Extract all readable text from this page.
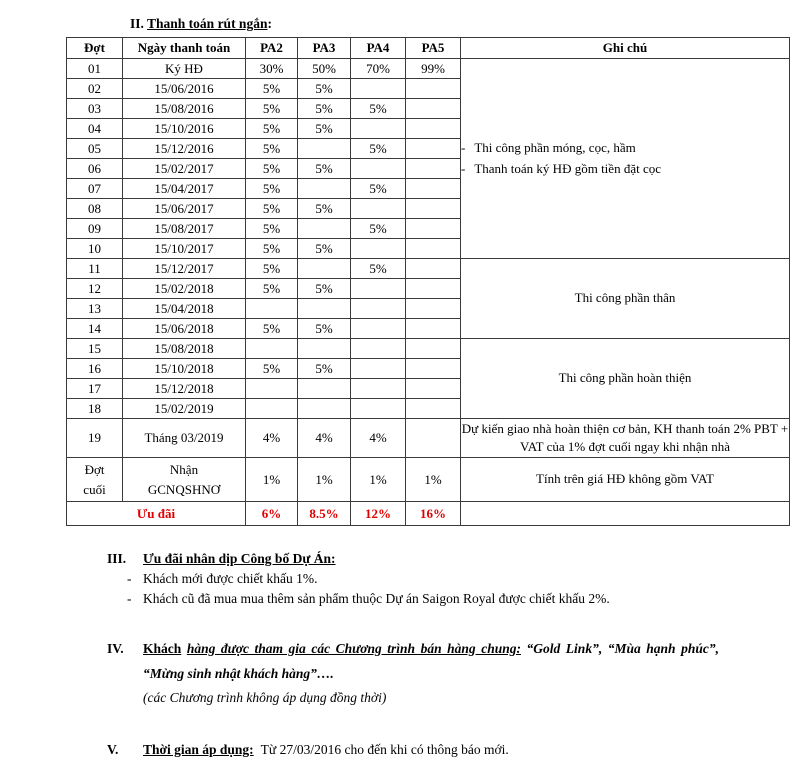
II. Thanh toán rút ngắn:
Đợt	Ngày thanh toán	PA2	PA3	PA4	PA5	Ghi chú
01	Ký HĐ	30%	50%	70%	99%	- Thi công phần móng, cọc, hầm
- Thanh toán ký HĐ gồm tiền đặt cọc

02	15/06/2016	5%	5%			
03	15/08/2016	5%	5%	5%		
04	15/10/2016	5%	5%			
05	15/12/2016	5%		5%		
06	15/02/2017	5%	5%			
07	15/04/2017	5%		5%		
08	15/06/2017	5%	5%			
09	15/08/2017	5%		5%		
10	15/10/2017	5%	5%			
11	15/12/2017	5%		5%		Thi công phần thân
12	15/02/2018	5%	5%			
13	15/04/2018					
14	15/06/2018	5%	5%			
15	15/08/2018					Thi công phần hoàn thiện
16	15/10/2018	5%	5%			
17	15/12/2018					
18	15/02/2019					
19	Tháng 03/2019	4%	4%	4%		Dự kiến giao nhà hoàn thiện cơ bản, KH thanh toán 2% PBT + VAT của 1% đợt cuối ngay khi nhận nhà
Đợt cuối	Nhận GCNQSHNƠ	1%	1%	1%	1%	Tính trên giá HĐ không gồm VAT
Ưu đãi		6%	8.5%	12%	16%	
III.	Ưu đãi nhân dịp Công bố Dự Án:
- Khách mới được chiết khấu 1%.
- Khách cũ đã mua mua thêm sản phẩm thuộc Dự án Saigon Royal được chiết khấu 2%.
IV.	Khách hàng được tham gia các Chương trình bán hàng chung: “Gold Link”, “Mùa hạnh phúc”, “Mừng sinh nhật khách hàng”….
(các Chương trình không áp dụng đồng thời)
V.	Thời gian áp dụng: Từ 27/03/2016 cho đến khi có thông báo mới.
